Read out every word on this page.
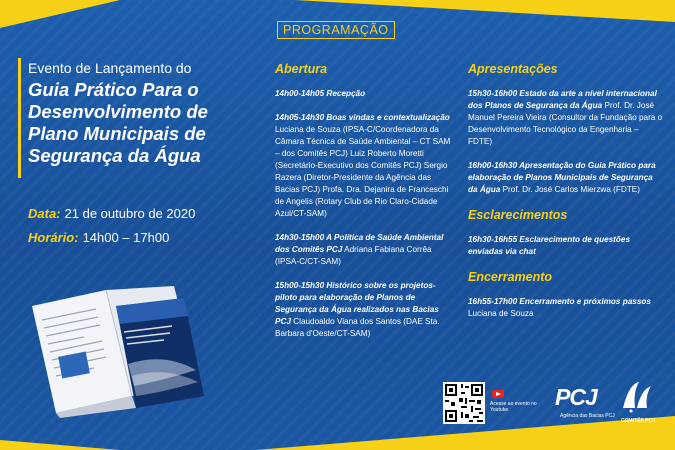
Evento de Lançamento do
Guia Prático Para o Desenvolvimento de Plano Municipais de Segurança da Água
Data: 21 de outubro de 2020
Horário: 14h00 – 17h00
PROGRAMAÇÃO
Abertura
14h00-14h05 Recepção
14h05-14h30 Boas vindas e contextualização Luciana de Souza (IPSA-C/Coordenadora da Câmara Técnica de Saúde Ambiental – CT SAM – dos Comitês PCJ) Luiz Roberto Moretti (Secretário-Executivo dos Comitês PCJ) Sergio Razera (Diretor-Presidente da Agência das Bacias PCJ) Profa. Dra. Dejanira de Franceschi de Angelis (Rotary Club de Rio Claro-Cidade Azul/CT-SAM)
14h30-15h00 A Política de Saúde Ambiental dos Comitês PCJ Adriana Fabiana Corrêa (IPSA-C/CT-SAM)
15h00-15h30 Histórico sobre os projetos-piloto para elaboração de Planos de Segurança da Água realizados nas Bacias PCJ Claudoaldo Viana dos Santos (DAE Sta. Barbara d'Oeste/CT-SAM)
Apresentações
15h30-16h00 Estado da arte a nível internacional dos Planos de Segurança da Água Prof. Dr. José Manuel Pereira Vieira (Consultor da Fundação para o Desenvolvimento Tecnológico da Engenharia – FDTE)
16h00-16h30 Apresentação do Guia Prático para elaboração de Planos Municipais de Segurança da Água Prof. Dr. José Carlos Mierzwa (FDTE)
Esclarecimentos
16h30-16h55 Esclarecimento de questões enviadas via chat
Encerramento
16h55-17h00 Encerramento e próximos passos Luciana de Souza
Acesse ao evento no Youtube	PCJ
Agência das Bacias PCJ
COMITÊS PCJ
